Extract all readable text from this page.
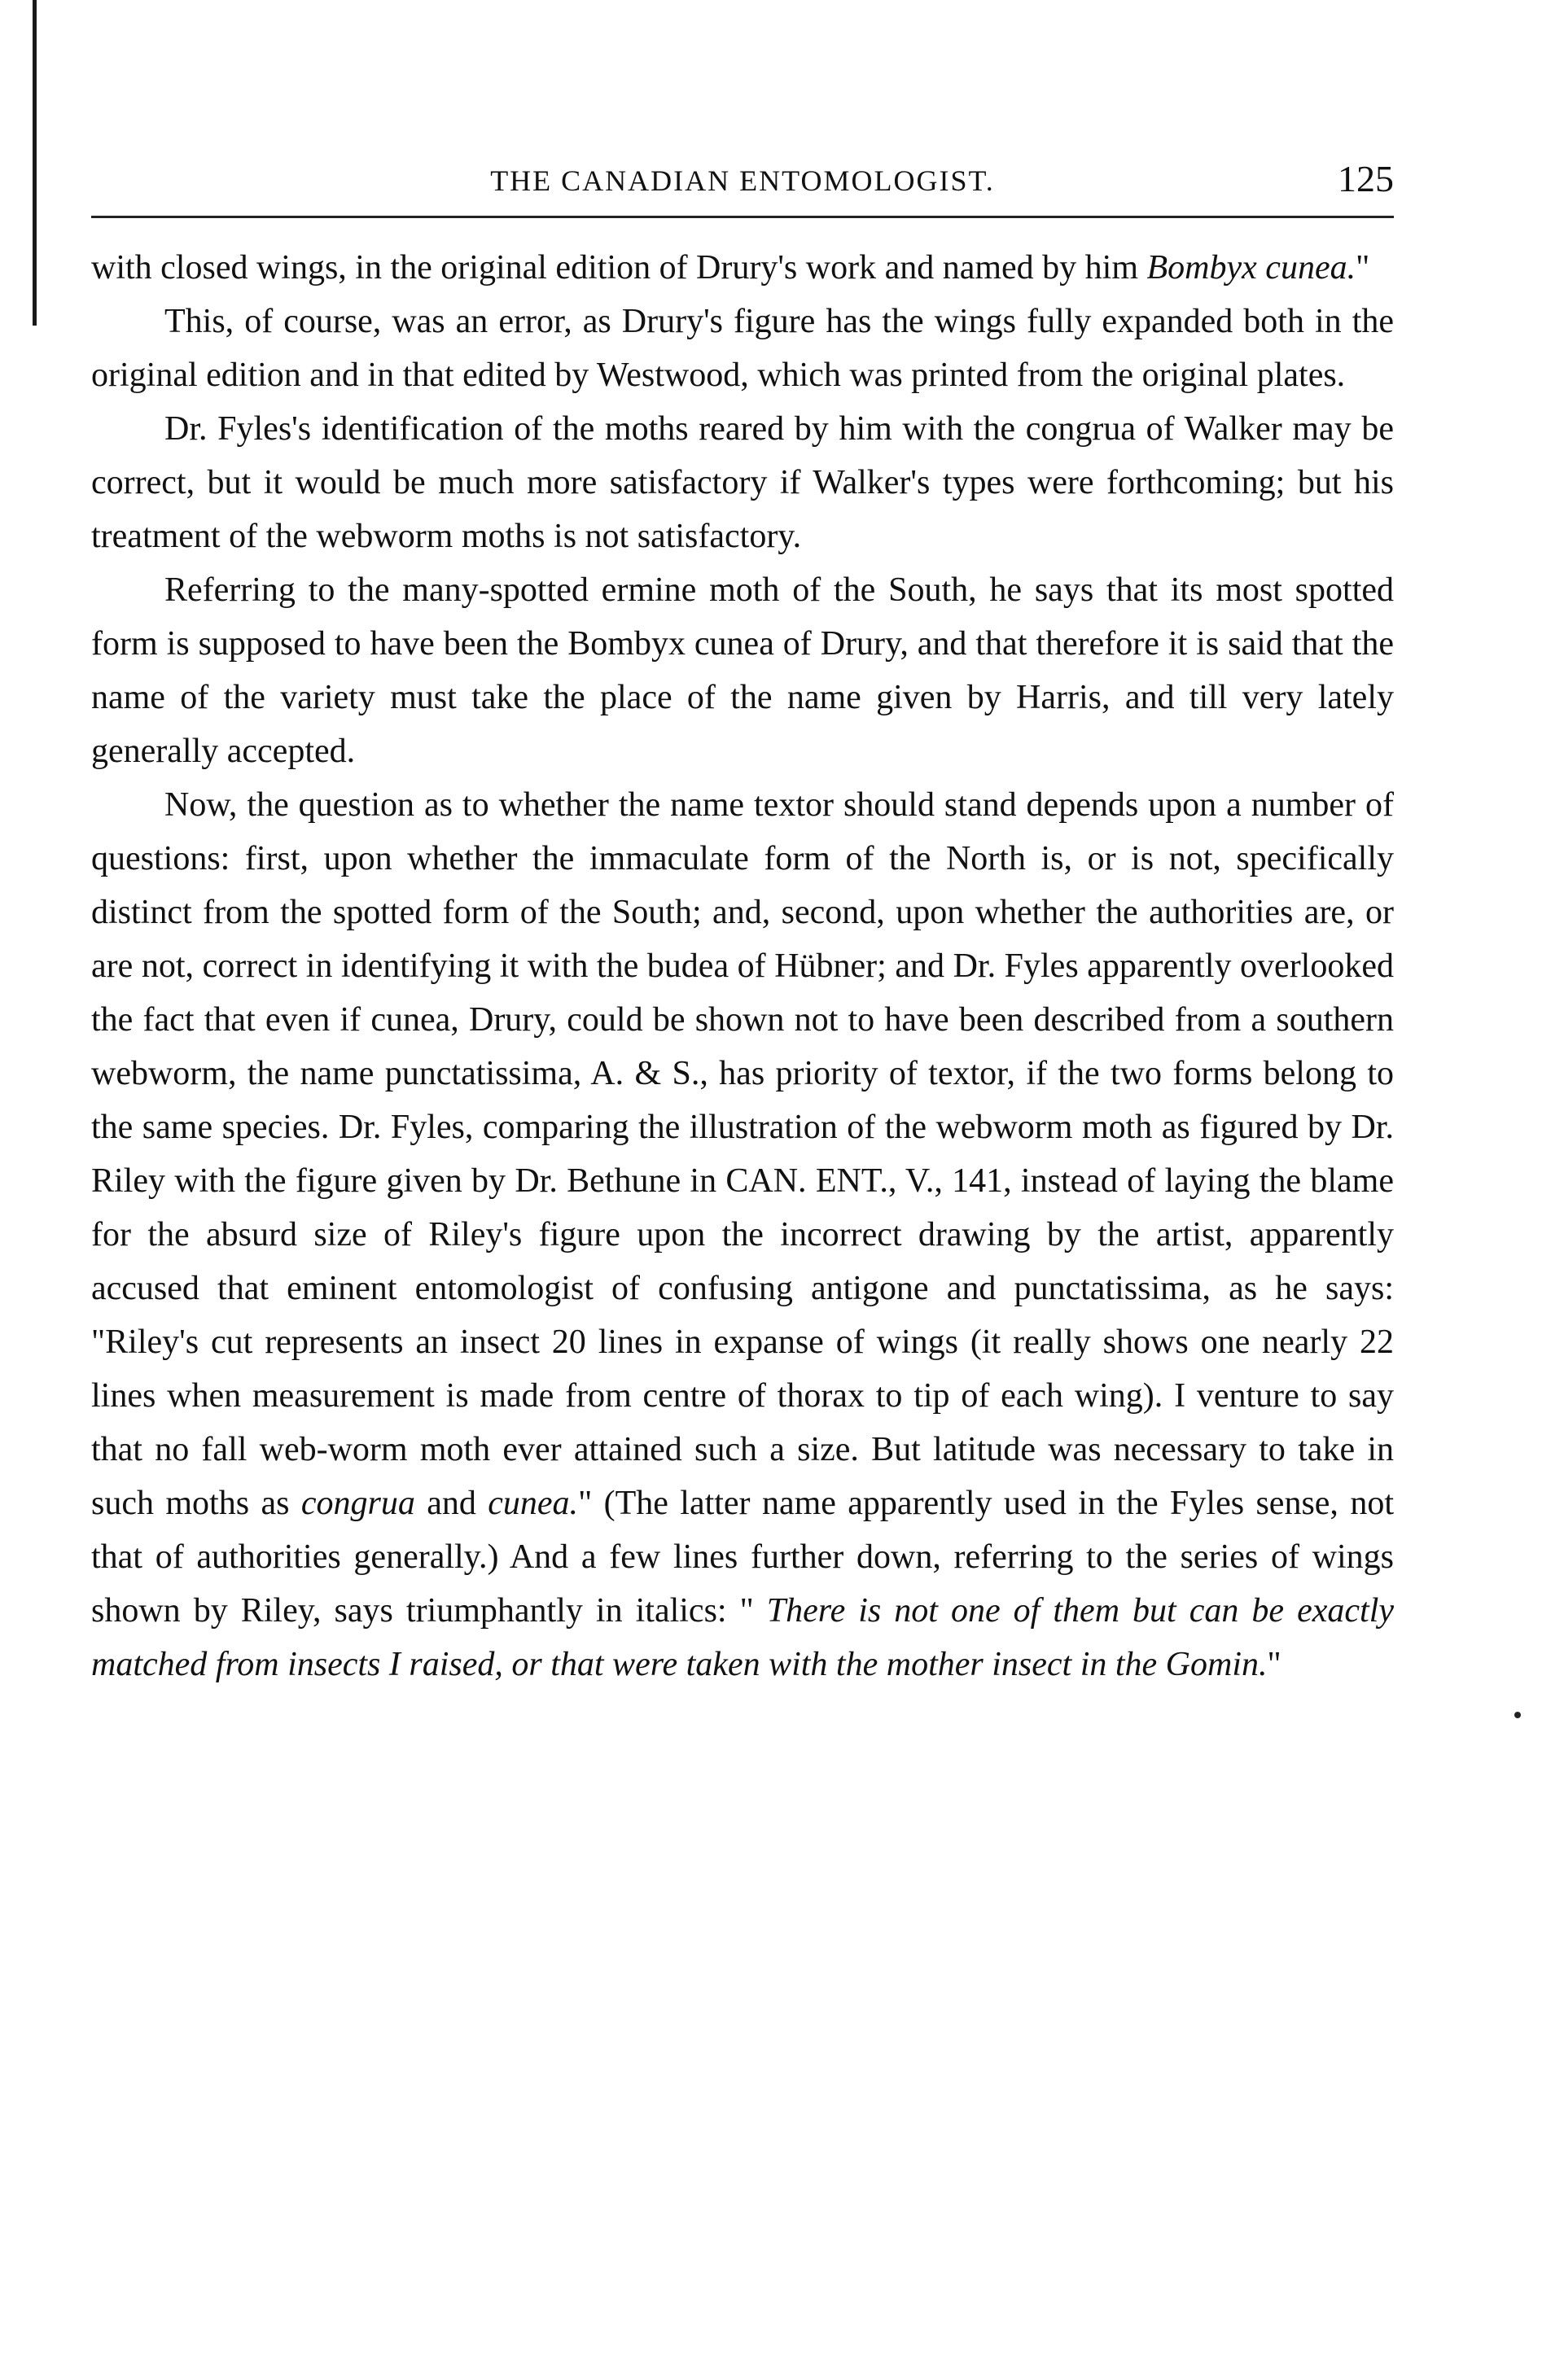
THE CANADIAN ENTOMOLOGIST.	125

with closed wings, in the original edition of Drury's work and named by him Bombyx cunea."

This, of course, was an error, as Drury's figure has the wings fully expanded both in the original edition and in that edited by Westwood, which was printed from the original plates.

Dr. Fyles's identification of the moths reared by him with the congrua of Walker may be correct, but it would be much more satisfactory if Walker's types were forthcoming; but his treatment of the webworm moths is not satisfactory.

Referring to the many-spotted ermine moth of the South, he says that its most spotted form is supposed to have been the Bombyx cunea of Drury, and that therefore it is said that the name of the variety must take the place of the name given by Harris, and till very lately generally accepted.

Now, the question as to whether the name textor should stand depends upon a number of questions: first, upon whether the immaculate form of the North is, or is not, specifically distinct from the spotted form of the South; and, second, upon whether the authorities are, or are not, correct in identifying it with the budea of Hübner; and Dr. Fyles apparently overlooked the fact that even if cunea, Drury, could be shown not to have been described from a southern webworm, the name punctatissima, A. & S., has priority of textor, if the two forms belong to the same species. Dr. Fyles, comparing the illustration of the webworm moth as figured by Dr. Riley with the figure given by Dr. Bethune in CAN. ENT., V., 141, instead of laying the blame for the absurd size of Riley's figure upon the incorrect drawing by the artist, apparently accused that eminent entomologist of confusing antigone and punctatissima, as he says: "Riley's cut represents an insect 20 lines in expanse of wings (it really shows one nearly 22 lines when measurement is made from centre of thorax to tip of each wing). I venture to say that no fall web-worm moth ever attained such a size. But latitude was necessary to take in such moths as congrua and cunea." (The latter name apparently used in the Fyles sense, not that of authorities generally.) And a few lines further down, referring to the series of wings shown by Riley, says triumphantly in italics: " There is not one of them but can be exactly matched from insects I raised, or that were taken with the mother insect in the Gomin."
